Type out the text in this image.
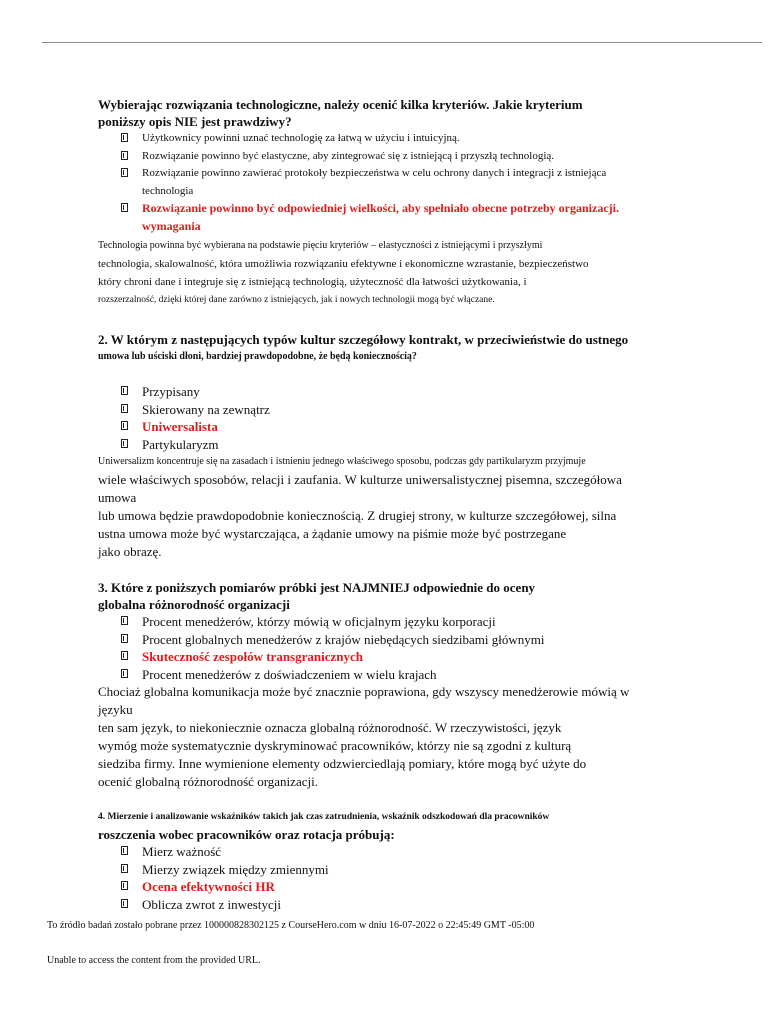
Wybierając rozwiązania technologiczne, należy ocenić kilka kryteriów. Jakie kryterium
poniższy opis NIE jest prawdziwy?
Użytkownicy powinni uznać technologię za łatwą w użyciu i intuicyjną.
Rozwiązanie powinno być elastyczne, aby zintegrować się z istniejącą i przyszłą technologią.
Rozwiązanie powinno zawierać protokoły bezpieczeństwa w celu ochrony danych i integracji z istniejąca technologia
Rozwiązanie powinno być odpowiedniej wielkości, aby spełniało obecne potrzeby organizacji. wymagania
Technologia powinna być wybierana na podstawie pięciu kryteriów – elastyczności z istniejącymi i przyszłymi
technologia, skalowalność, która umożliwia rozwiązaniu efektywne i ekonomiczne wzrastanie, bezpieczeństwo
który chroni dane i integruje się z istniejącą technologią, użyteczność dla łatwości użytkowania, i
rozszerzalność, dzięki której dane zarówno z istniejących, jak i nowych technologii mogą być włączane.
2. W którym z następujących typów kultur szczegółowy kontrakt, w przeciwieństwie do ustnego
umowa lub uściski dłoni, bardziej prawdopodobne, że będą koniecznością?
Przypisany
Skierowany na zewnątrz
Uniwersalista
Partykularyzm
Uniwersalizm koncentruje się na zasadach i istnieniu jednego właściwego sposobu, podczas gdy partikularyzm przyjmuje
wiele właściwych sposobów, relacji i zaufania. W kulturze uniwersalistycznej pisemna, szczegółowa umowa
lub umowa będzie prawdopodobnie koniecznością. Z drugiej strony, w kulturze szczegółowej, silna
ustna umowa może być wystarczająca, a żądanie umowy na piśmie może być postrzegane
jako obrazę.
3. Które z poniższych pomiarów próbki jest NAJMNIEJ odpowiednie do oceny
globalna różnorodność organizacji
Procent menedżerów, którzy mówią w oficjalnym języku korporacji
Procent globalnych menedżerów z krajów niebędących siedzibami głównymi
Skuteczność zespołów transgranicznych
Procent menedżerów z doświadczeniem w wielu krajach
Chociaż globalna komunikacja może być znacznie poprawiona, gdy wszyscy menedżerowie mówią w języku
ten sam język, to niekoniecznie oznacza globalną różnorodność. W rzeczywistości, język
wymóg może systematycznie dyskryminować pracowników, którzy nie są zgodni z kulturą
siedziba firmy. Inne wymienione elementy odzwierciedlają pomiary, które mogą być użyte do
ocenić globalną różnorodność organizacji.
4. Mierzenie i analizowanie wskaźników takich jak czas zatrudnienia, wskaźnik odszkodowań dla pracowników
roszczenia wobec pracowników oraz rotacja próbują:
Mierz ważność
Mierzy związek między zmiennymi
Ocena efektywności HR
Oblicza zwrot z inwestycji
To źródło badań zostało pobrane przez 100000828302125 z CourseHero.com w dniu 16-07-2022 o 22:45:49 GMT -05:00
Unable to access the content from the provided URL.
